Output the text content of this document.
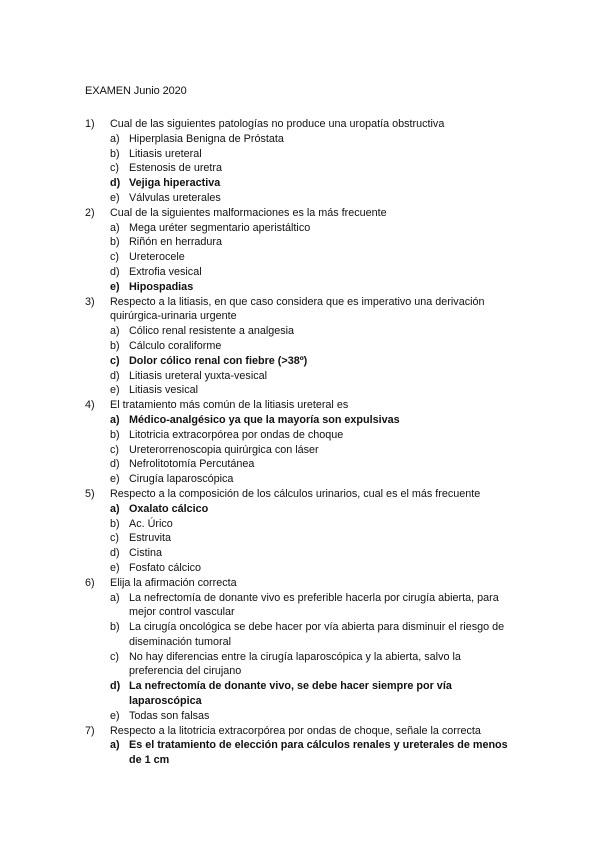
EXAMEN Junio 2020
1) Cual de las siguientes patologías no produce una uropatía obstructiva
a) Hiperplasia Benigna de Próstata
b) Litiasis ureteral
c) Estenosis de uretra
d) Vejiga hiperactiva
e) Válvulas ureterales
2) Cual de la siguientes malformaciones es la más frecuente
a) Mega uréter segmentario aperistáltico
b) Riñón en herradura
c) Ureterocele
d) Extrofia vesical
e) Hipospadias
3) Respecto a la litiasis, en que caso considera que es imperativo una derivación quirúrgica-urinaria urgente
a) Cólico renal resistente a analgesia
b) Cálculo coraliforme
c) Dolor cólico renal con fiebre (>38º)
d) Litiasis ureteral yuxta-vesical
e) Litiasis vesical
4) El tratamiento más común de la litiasis ureteral es
a) Médico-analgésico ya que la mayoría son expulsivas
b) Litotricia extracorpórea por ondas de choque
c) Ureterorrenoscopia quirúrgica con láser
d) Nefrolitotomía Percutánea
e) Cirugía laparoscópica
5) Respecto a la composición de los cálculos urinarios, cual es el más frecuente
a) Oxalato cálcico
b) Ac. Úrico
c) Estruvita
d) Cistina
e) Fosfato cálcico
6) Elija la afirmación correcta
a) La nefrectomía de donante vivo es preferible hacerla por cirugía abierta, para mejor control vascular
b) La cirugía oncológica se debe hacer por vía abierta para disminuir el riesgo de diseminación tumoral
c) No hay diferencias entre la cirugía laparoscópica y la abierta, salvo la preferencia del cirujano
d) La nefrectomía de donante vivo, se debe hacer siempre por vía laparoscópica
e) Todas son falsas
7) Respecto a la litotricia extracorpórea por ondas de choque, señale la correcta
a) Es el tratamiento de elección para cálculos renales y ureterales de menos de 1 cm
